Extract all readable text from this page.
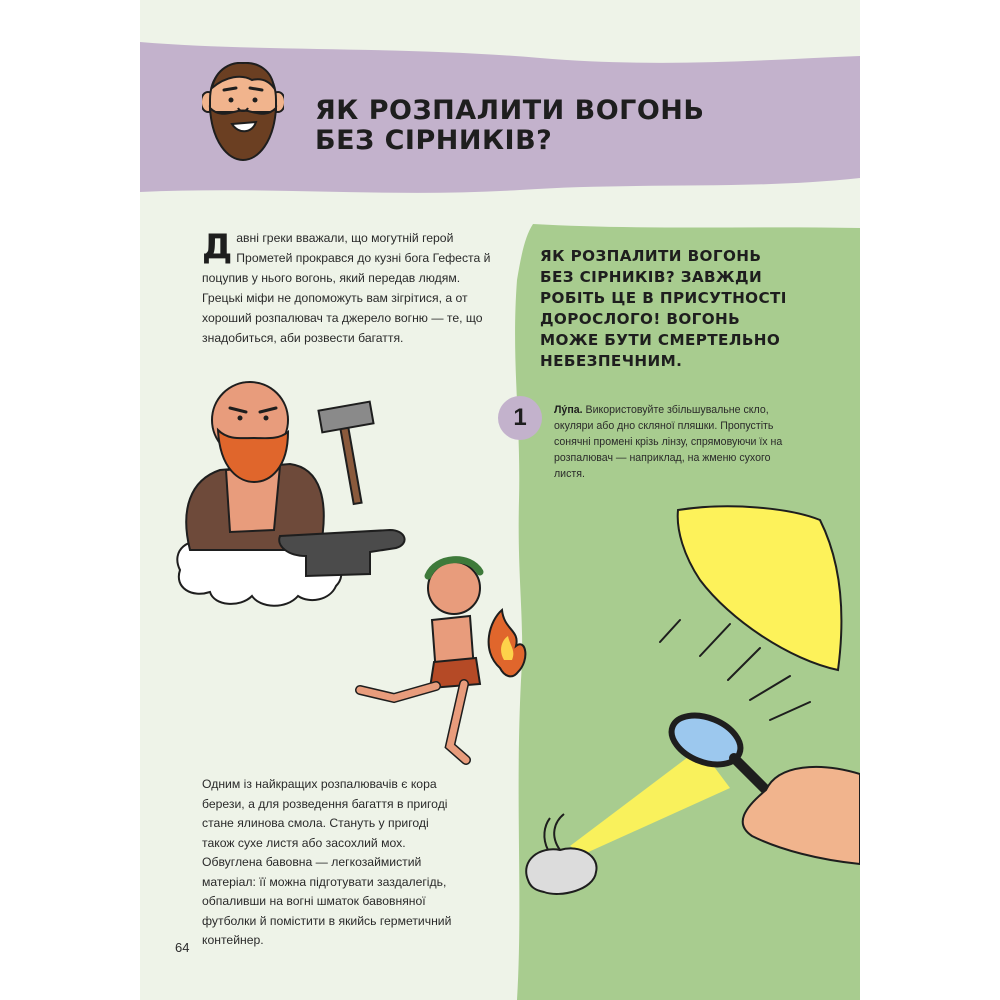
ЯК РОЗПАЛИТИ ВОГОНЬ
БЕЗ СІРНИКІВ?
Давні греки вважали, що могутній герой Прометей прокрався до кузні бога Гефеста й поцупив у нього вогонь, який передав людям. Грецькі міфи не допоможуть вам зігрітися, а от хороший розпалювач та джерело вогню — те, що знадобиться, аби розвести багаття.
ЯК РОЗПАЛИТИ ВОГОНЬ
БЕЗ СІРНИКІВ? ЗАВЖДИ
РОБІТЬ ЦЕ В ПРИСУТНОСТІ
ДОРОСЛОГО! ВОГОНЬ
МОЖЕ БУТИ СМЕРТЕЛЬНО
НЕБЕЗПЕЧНИМ.
1	Лу́па. Використовуйте збільшувальне скло, окуляри або дно скляної пляшки. Пропустіть сонячні промені крізь лінзу, спрямовуючи їх на розпалювач — наприклад, на жменю сухого листя.
Одним із найкращих розпалювачів є кора берези, а для розведення багаття в пригоді стане ялинова смола. Стануть у пригоді також сухе листя або засохлий мох. Обвуглена бавовна — легкозаймистий матеріал: її можна підготувати заздалегідь, обпаливши на вогні шматок бавовняної футболки й помістити в якийсь герметичний контейнер.
64
